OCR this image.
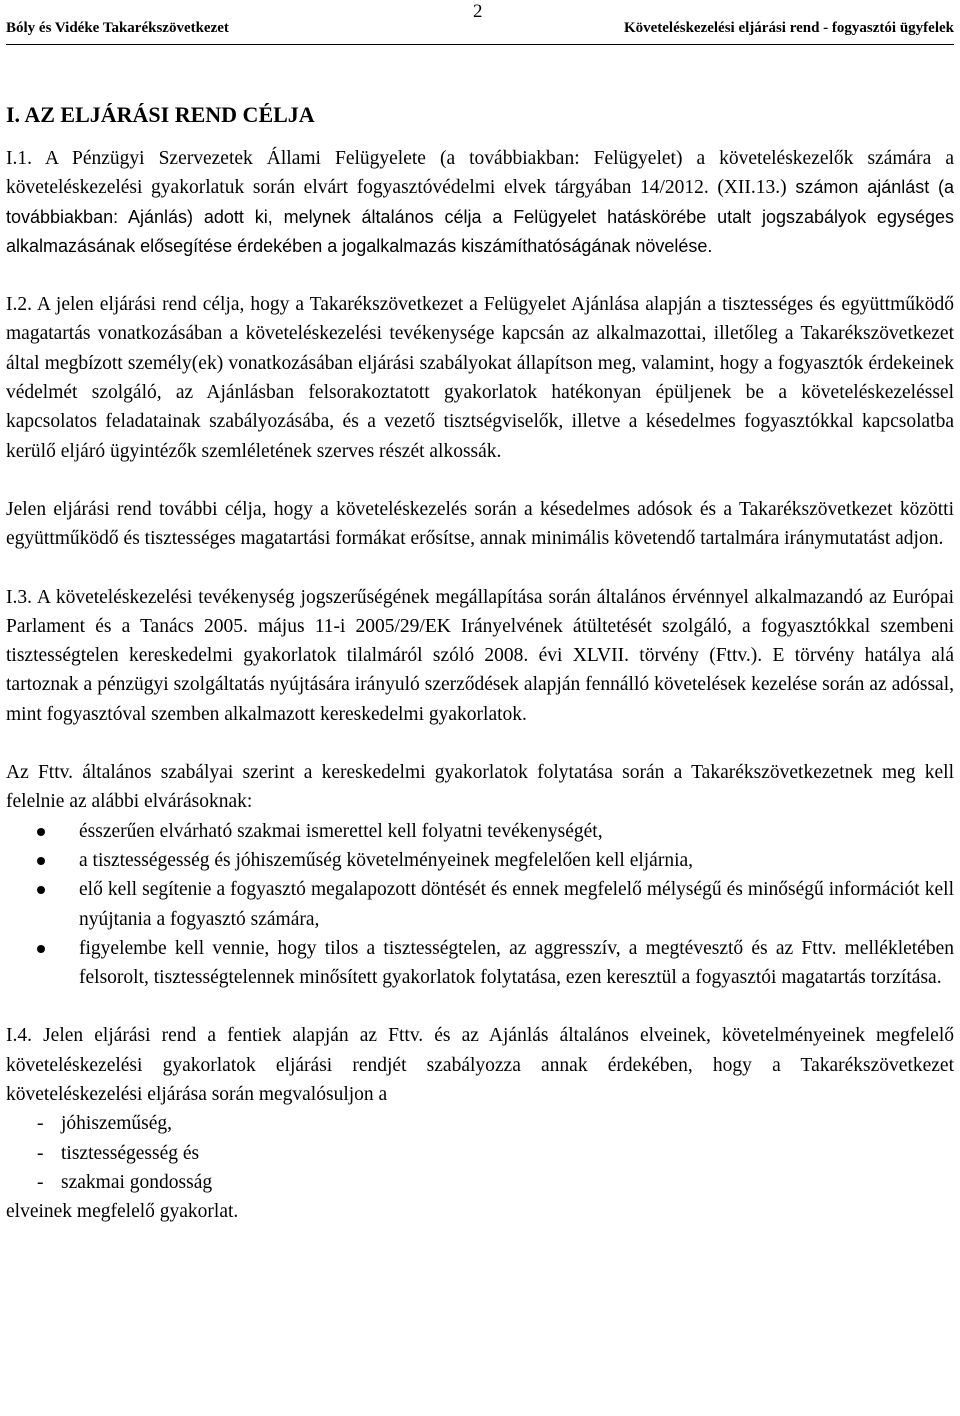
2
Bóly és Vidéke Takarékszövetkezet	Követeléskezelési eljárási rend - fogyasztói ügyfelek
I. AZ ELJÁRÁSI REND CÉLJA

I.1. A Pénzügyi Szervezetek Állami Felügyelete (a továbbiakban: Felügyelet) a követeléskezelők számára a követeléskezelési gyakorlatuk során elvárt fogyasztóvédelmi elvek tárgyában 14/2012. (XII.13.) számon ajánlást (a továbbiakban: Ajánlás) adott ki, melynek általános célja a Felügyelet hatáskörébe utalt jogszabályok egységes alkalmazásának elősegítése érdekében a jogalkalmazás kiszámíthatóságának növelése.

I.2. A jelen eljárási rend célja, hogy a Takarékszövetkezet a Felügyelet Ajánlása alapján a tisztességes és együttműködő magatartás vonatkozásában a követeléskezelési tevékenysége kapcsán az alkalmazottai, illetőleg a Takarékszövetkezet által megbízott személy(ek) vonatkozásában eljárási szabályokat állapítson meg, valamint, hogy a fogyasztók érdekeinek védelmét szolgáló, az Ajánlásban felsorakoztatott gyakorlatok hatékonyan épüljenek be a követeléskezeléssel kapcsolatos feladatainak szabályozásába, és a vezető tisztségviselők, illetve a késedelmes fogyasztókkal kapcsolatba kerülő eljáró ügyintézők szemléletének szerves részét alkossák.

Jelen eljárási rend további célja, hogy a követeléskezelés során a késedelmes adósok és a Takarékszövetkezet közötti együttműködő és tisztességes magatartási formákat erősítse, annak minimális követendő tartalmára iránymutatást adjon.

I.3. A követeléskezelési tevékenység jogszerűségének megállapítása során általános érvénnyel alkalmazandó az Európai Parlament és a Tanács 2005. május 11-i 2005/29/EK Irányelvének átültetését szolgáló, a fogyasztókkal szembeni tisztességtelen kereskedelmi gyakorlatok tilalmáról szóló 2008. évi XLVII. törvény (Fttv.). E törvény hatálya alá tartoznak a pénzügyi szolgáltatás nyújtására irányuló szerződések alapján fennálló követelések kezelése során az adóssal, mint fogyasztóval szemben alkalmazott kereskedelmi gyakorlatok.

Az Fttv. általános szabályai szerint a kereskedelmi gyakorlatok folytatása során a Takarékszövetkezetnek meg kell felelnie az alábbi elvárásoknak:

ésszerűen elvárható szakmai ismerettel kell folyatni tevékenységét,
a tisztességesség és jóhiszeműség követelményeinek megfelelően kell eljárnia,
elő kell segítenie a fogyasztó megalapozott döntését és ennek megfelelő mélységű és minőségű információt kell nyújtania a fogyasztó számára,
figyelembe kell vennie, hogy tilos a tisztességtelen, az aggresszív, a megtévesztő és az Fttv. mellékletében felsorolt, tisztességtelennek minősített gyakorlatok folytatása, ezen keresztül a fogyasztói magatartás torzítása.

I.4. Jelen eljárási rend a fentiek alapján az Fttv. és az Ajánlás általános elveinek, követelményeinek megfelelő követeléskezelési gyakorlatok eljárási rendjét szabályozza annak érdekében, hogy a Takarékszövetkezet követeléskezelési eljárása során megvalósuljon a

- jóhiszeműség,
- tisztességesség és
- szakmai gondosság

elveinek megfelelő gyakorlat.
